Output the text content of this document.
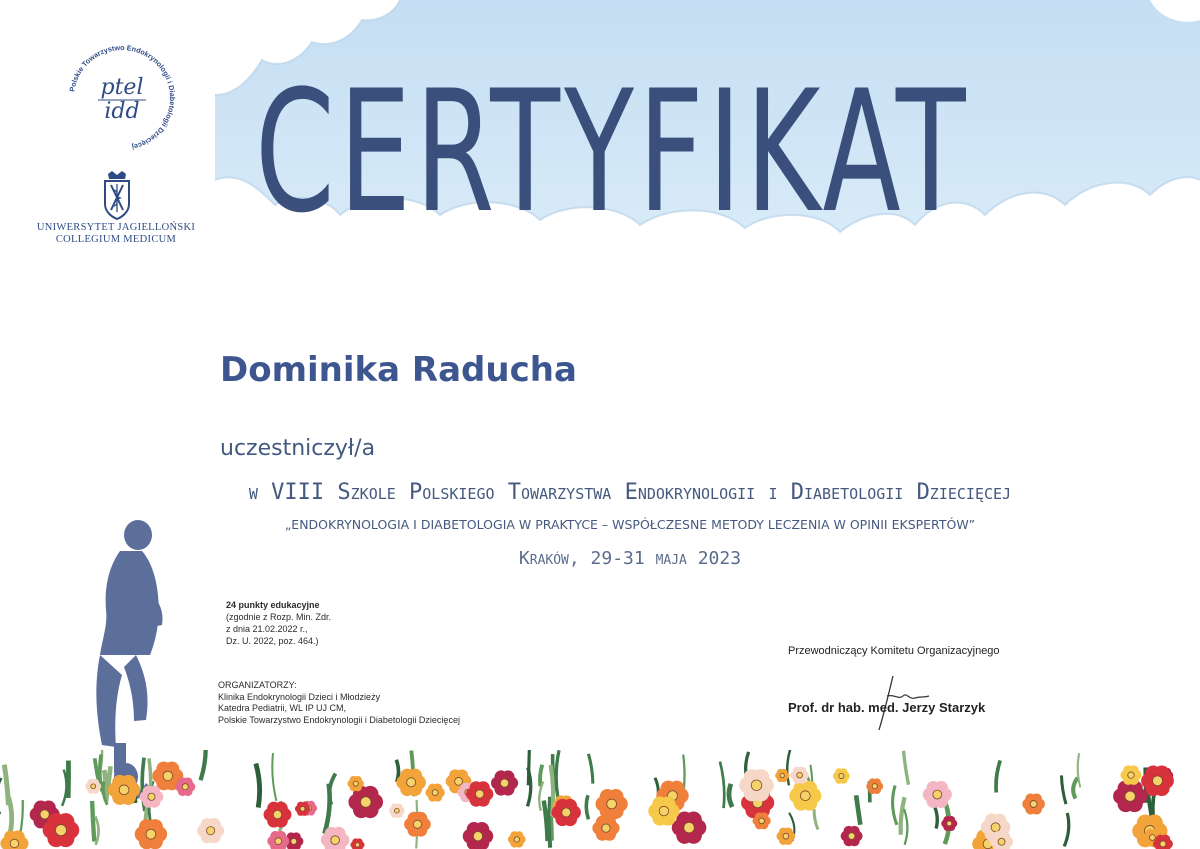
Polskie Towarzystwo Endokrynologii i Diabetologii Dziecięcej
ptel
idd
UNIWERSYTET JAGIELLOŃSKI
COLLEGIUM MEDICUM CERTYFIKAT
Dominika Raducha
uczestniczył/a
w VIII Szkole Polskiego Towarzystwa Endokrynologii i Diabetologii Dziecięcej
„ENDOKRYNOLOGIA I DIABETOLOGIA W PRAKTYCE – WSPÓŁCZESNE METODY LECZENIA W OPINII EKSPERTÓW”
Kraków, 29-31 maja 2023
24 punkty edukacyjne
(zgodnie z Rozp. Min. Zdr.
z dnia 21.02.2022 r.,
Dz. U. 2022, poz. 464.)
ORGANIZATORZY:
Klinika Endokrynologii Dzieci i Młodzieży
Katedra Pediatrii, WL IP UJ CM,
Polskie Towarzystwo Endokrynologii i Diabetologii Dziecięcej
Przewodniczący Komitetu Organizacyjnego
Prof. dr hab. med. Jerzy Starzyk
